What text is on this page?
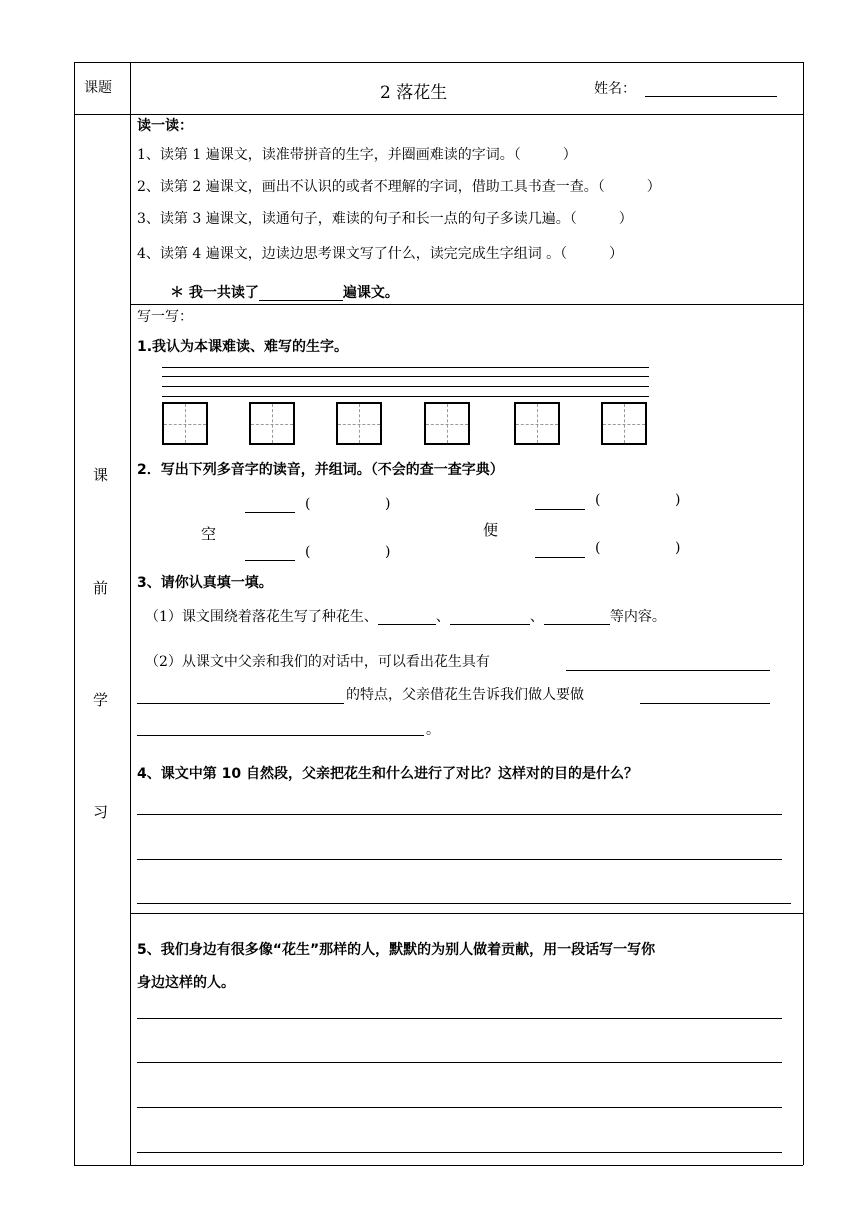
课题	2 落花生	姓名：
课
前
学
习
读一读：
1、读第 1 遍课文，读准带拼音的生字，并圈画难读的字词。（　　　）
2、读第 2 遍课文，画出不认识的或者不理解的字词，借助工具书查一查。（　　　）
3、读第 3 遍课文，读通句子，难读的句子和长一点的句子多读几遍。（　　　）
4、读第 4 遍课文，边读边思考课文写了什么，读完完成生字组词 。（　　　）
＊ 我一共读了	遍课文。
写一写：
1.我认为本课难读、难写的生字。
2．写出下列多音字的读音，并组词。（不会的查一查字典）
(	)
空
(	)
(	)
便
(	)
3、请你认真填一填。
（1）课文围绕着落花生写了种花生、	、	、	等内容。
（2）从课文中父亲和我们的对话中，可以看出花生具有
的特点，父亲借花生告诉我们做人要做
。
4、课文中第 10 自然段，父亲把花生和什么进行了对比？这样对的目的是什么？
5、我们身边有很多像“花生”那样的人，默默的为别人做着贡献，用一段话写一写你
身边这样的人。
